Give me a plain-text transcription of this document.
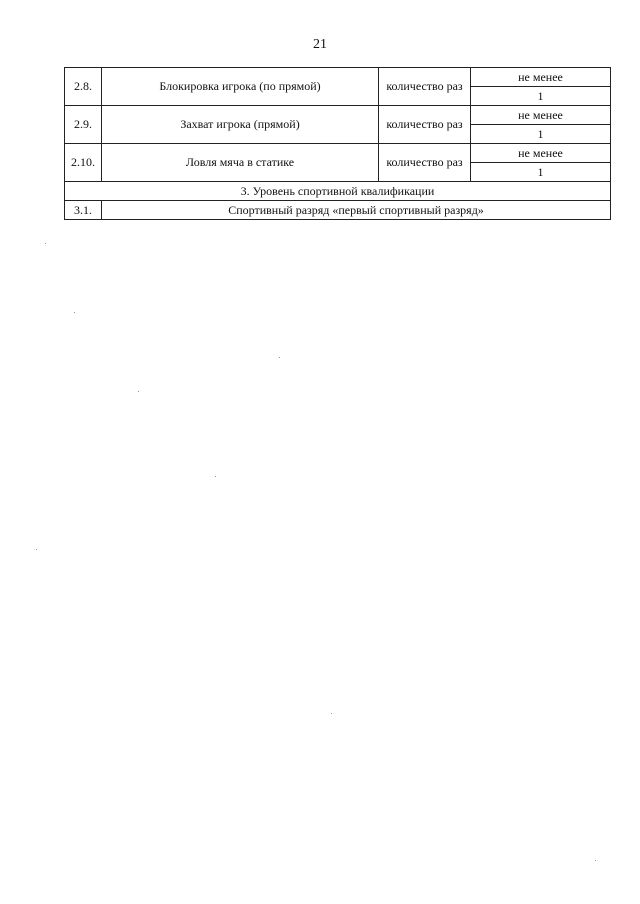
21
2.8.	Блокировка игрока (по прямой)	количество раз	не менее
			1
2.9.	Захват игрока (прямой)	количество раз	не менее
			1
2.10.	Ловля мяча в статике	количество раз	не менее
			1
3. Уровень спортивной квалификации			
3.1.	Спортивный разряд «первый спортивный разряд»		
